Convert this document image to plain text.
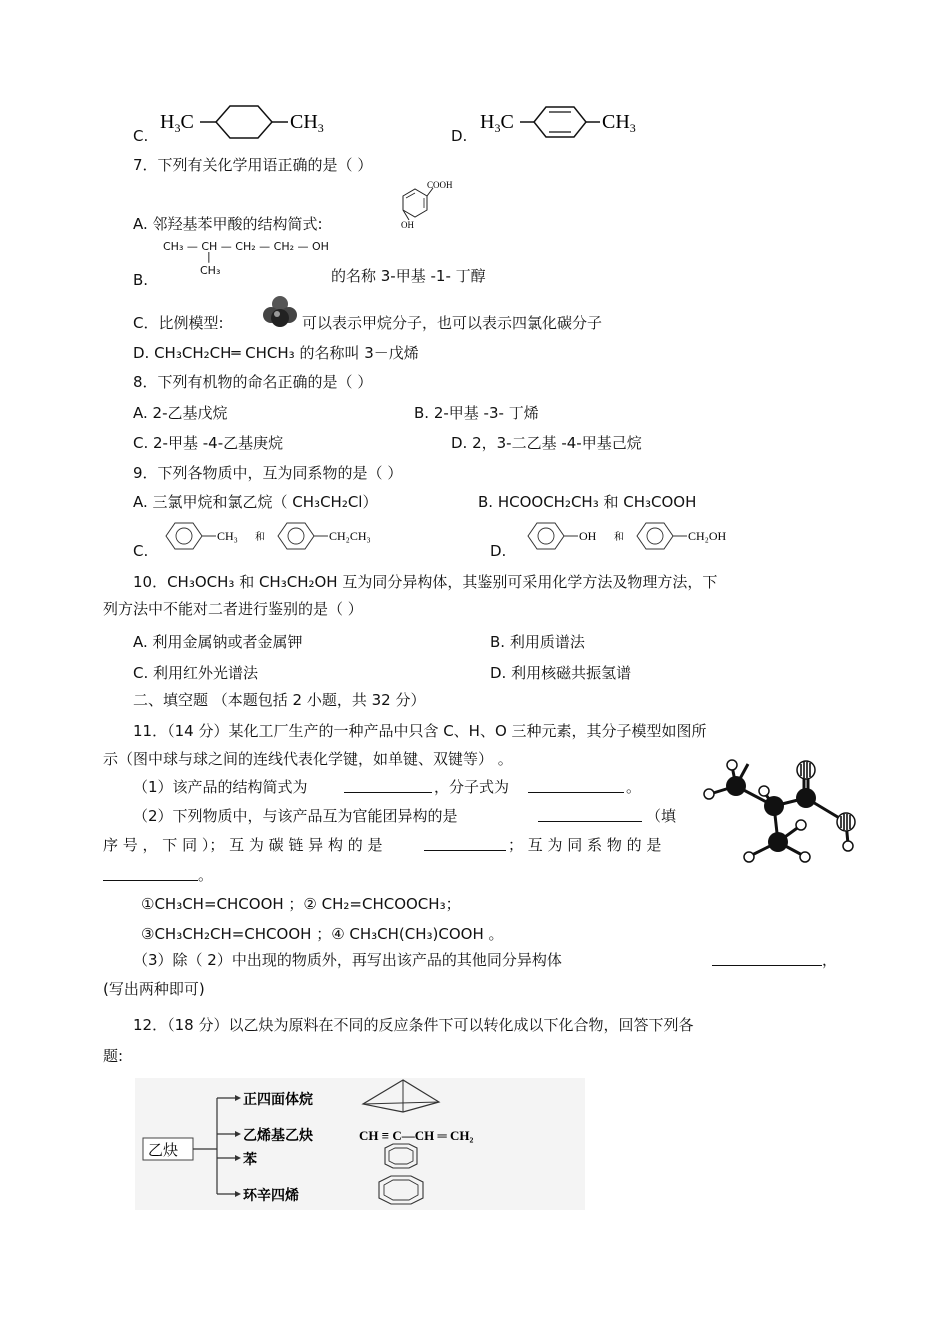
C.
$H_3C$	$CH_3$	D.
$H_3C$	$CH_3$
7．下列有关化学用语正确的是（ ）
COOH
OH
A. 邻羟基苯甲酸的结构简式:
CH₃ — CH — CH₂ — CH₂ — OH
|
CH₃
B.	的名称 3-甲基 -1- 丁醇
C．比例模型:	可以表示甲烷分子，也可以表示四氯化碳分子
D. CH₃CH₂CH═ CHCH₃ 的名称叫 3－戊烯
8．下列有机物的命名正确的是（ ）
A. 2-乙基戊烷	B. 2-甲基 -3- 丁烯
C. 2-甲基 -4-乙基庚烷	D. 2，3-二乙基 -4-甲基己烷
9．下列各物质中，互为同系物的是（ ）
A. 三氯甲烷和氯乙烷（ CH₃CH₂Cl）	B. HCOOCH₂CH₃ 和 CH₃COOH
C.
CH₃ 和	CH₂CH₃
D.
OH 和	CH₂OH
10．CH₃OCH₃ 和 CH₃CH₂OH 互为同分异构体，其鉴别可采用化学方法及物理方法，下
列方法中不能对二者进行鉴别的是（ ）
A. 利用金属钠或者金属钾	B. 利用质谱法
C. 利用红外光谱法	D. 利用核磁共振氢谱
二、填空题 （本题包括 2 小题，共 32 分）
11．（14 分）某化工厂生产的一种产品中只含 C、H、O 三种元素，其分子模型如图所
示（图中球与球之间的连线代表化学键，如单键、双键等） 。
（1）该产品的结构简式为	，分子式为	。
（2）下列物质中，与该产品互为官能团异构的是	（填
序 号 ， 下 同 ）； 互 为 碳 链 异 构 的 是	； 互 为 同 系 物 的 是
。
①CH₃CH=CHCOOH ；② CH₂=CHCOOCH₃；
③CH₃CH₂CH=CHCOOH ；④ CH₃CH(CH₃)COOH 。
（3）除（ 2）中出现的物质外，再写出该产品的其他同分异构体	，
(写出两种即可)
12．（18 分）以乙炔为原料在不同的反应条件下可以转化成以下化合物，回答下列各
题:
乙炔
正四面体烷
乙烯基乙炔	CH ≡ C—CH ═ CH₂
苯
环辛四烯
